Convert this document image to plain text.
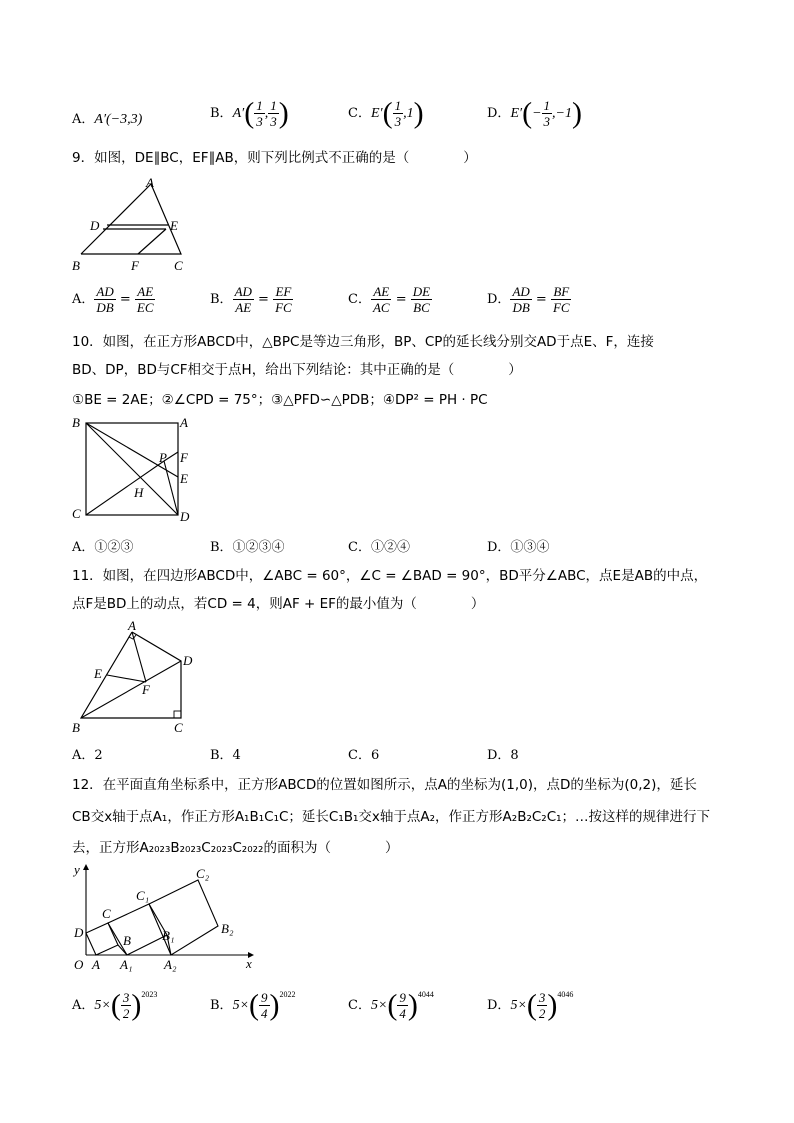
A．A′(−3,3)	B．$A'( \frac{1}{3}$ , $\frac{1}{3}$ )	C．$E'( \frac{1}{3} ,1)$	D．$E'(- \frac{1}{3} ,-1)$
9．如图，DE∥BC，EF∥AB，则下列比例式不正确的是（　　　　）
A
D	E
B	F	C
A． $\frac{AD}{DB} = \frac{AE}{EC}$	B． $\frac{AD}{AE} = \frac{EF}{FC}$	C． $\frac{AE}{AC} = \frac{DE}{BC}$	D． $\frac{AD}{DB} = \frac{BF}{FC}$
10．如图，在正方形ABCD中，△BPC是等边三角形，BP、CP的延长线分别交AD于点E、F，连接
BD、DP，BD与CF相交于点H，给出下列结论：其中正确的是（　　　　）
①BE = 2AE；②∠CPD = 75°；③△PFD∽△PDB；④DP² = PH · PC
B	A
C	D
P F
E
H
A．①②③	B．①②③④	C．①②④	D．①③④
11．如图，在四边形ABCD中，∠ABC = 60°，∠C = ∠BAD = 90°，BD平分∠ABC，点E是AB的中点，
点F是BD上的动点，若CD = 4，则AF + EF的最小值为（　　　　）
A
D
E
F
B	C
A．2	B．4	C．6	D．8
12．在平面直角坐标系中，正方形ABCD的位置如图所示，点A的坐标为(1,0)，点D的坐标为(0,2)，延长
CB交x轴于点A₁，作正方形A₁B₁C₁C；延长C₁B₁交x轴于点A₂，作正方形A₂B₂C₂C₁；…按这样的规律进行下
去，正方形A₂₀₂₃B₂₀₂₃C₂₀₂₃C₂₀₂₂的面积为（　　　　）
y
x
O A A₁ A₂
D
C
B B₁
C₁
C₂
B₂
A．$5\times( \frac{3}{2} )^{2023}$
B．$5\times( \frac{9}{4} )^{2022}$
C．$5\times( \frac{9}{4} )^{4044}$
D．$5\times( \frac{3}{2} )^{4046}$
